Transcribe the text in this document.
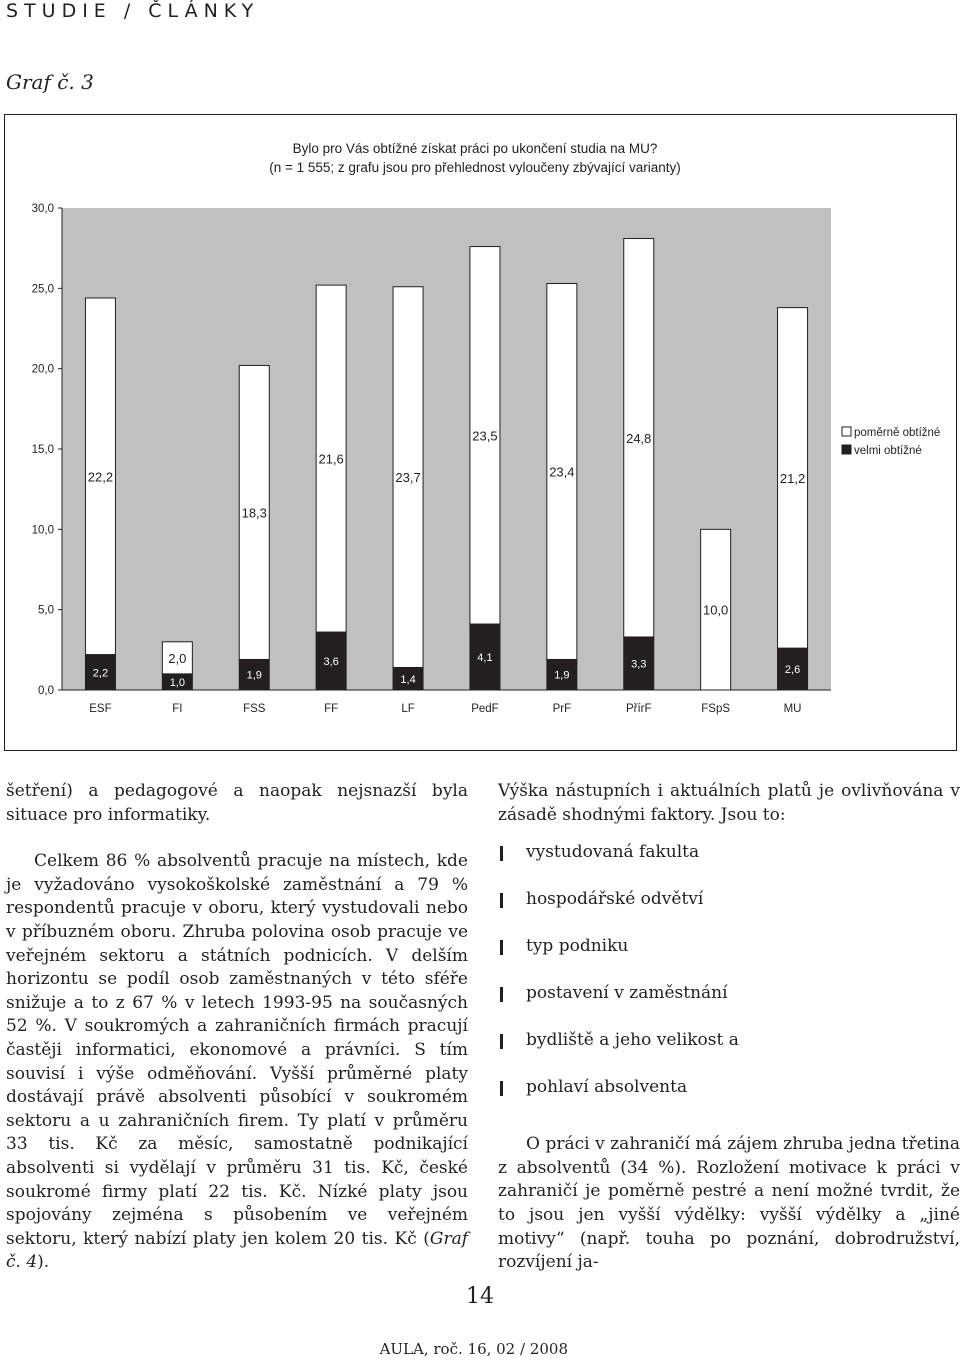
STUDIE / ČLÁNKY
Graf č. 3
Bylo pro Vás obtížné získat práci po ukončení studia na MU?
(n = 1 555; z grafu jsou pro přehlednost vyloučeny zbývající varianty)
0,0
5,0
10,0
15,0
20,0
25,0
30,0
ESF
22,2
2,2
FI
2,0
1,0
FSS
18,3
1,9
FF
21,6
3,6
LF
23,7
1,4
PedF
23,5
4,1
PrF
23,4
1,9
PřírF
24,8
3,3
FSpS
10,0
MU
21,2
2,6
poměrně obtížné
velmi obtížné

šetření) a pedagogové a naopak nejsnazší byla situace pro informatiky.

Celkem 86 % absolventů pracuje na místech, kde je vyžadováno vysokoškolské zaměstnání a 79 % respondentů pracuje v oboru, který vystudovali nebo v příbuzném oboru. Zhruba polovina osob pracuje ve veřejném sektoru a státních podnicích. V delším horizontu se podíl osob zaměstnaných v této sféře snižuje a to z 67 % v letech 1993-95 na současných 52 %. V soukromých a zahraničních firmách pracují častěji informatici, ekonomové a právníci. S tím souvisí i výše odměňování. Vyšší průměrné platy dostávají právě absolventi působící v soukromém sektoru a u zahraničních firem. Ty platí v průměru 33 tis. Kč za měsíc, samostatně podnikající absolventi si vydělají v průměru 31 tis. Kč, české soukromé firmy platí 22 tis. Kč. Nízké platy jsou spojovány zejména s působením ve veřejném sektoru, který nabízí platy jen kolem 20 tis. Kč (Graf č. 4).

Výška nástupních i aktuálních platů je ovlivňována v zásadě shodnými faktory. Jsou to:

vystudovaná fakulta
hospodářské odvětví
typ podniku
postavení v zaměstnání
bydliště a jeho velikost a
pohlaví absolventa

O práci v zahraničí má zájem zhruba jedna třetina z absolventů (34 %). Rozložení motivace k práci v zahraničí je poměrně pestré a není možné tvrdit, že to jsou jen vyšší výdělky: vyšší výdělky a „jiné motivy“ (např. touha po poznání, dobrodružství, rozvíjení ja-

14
AULA, roč. 16, 02 / 2008
